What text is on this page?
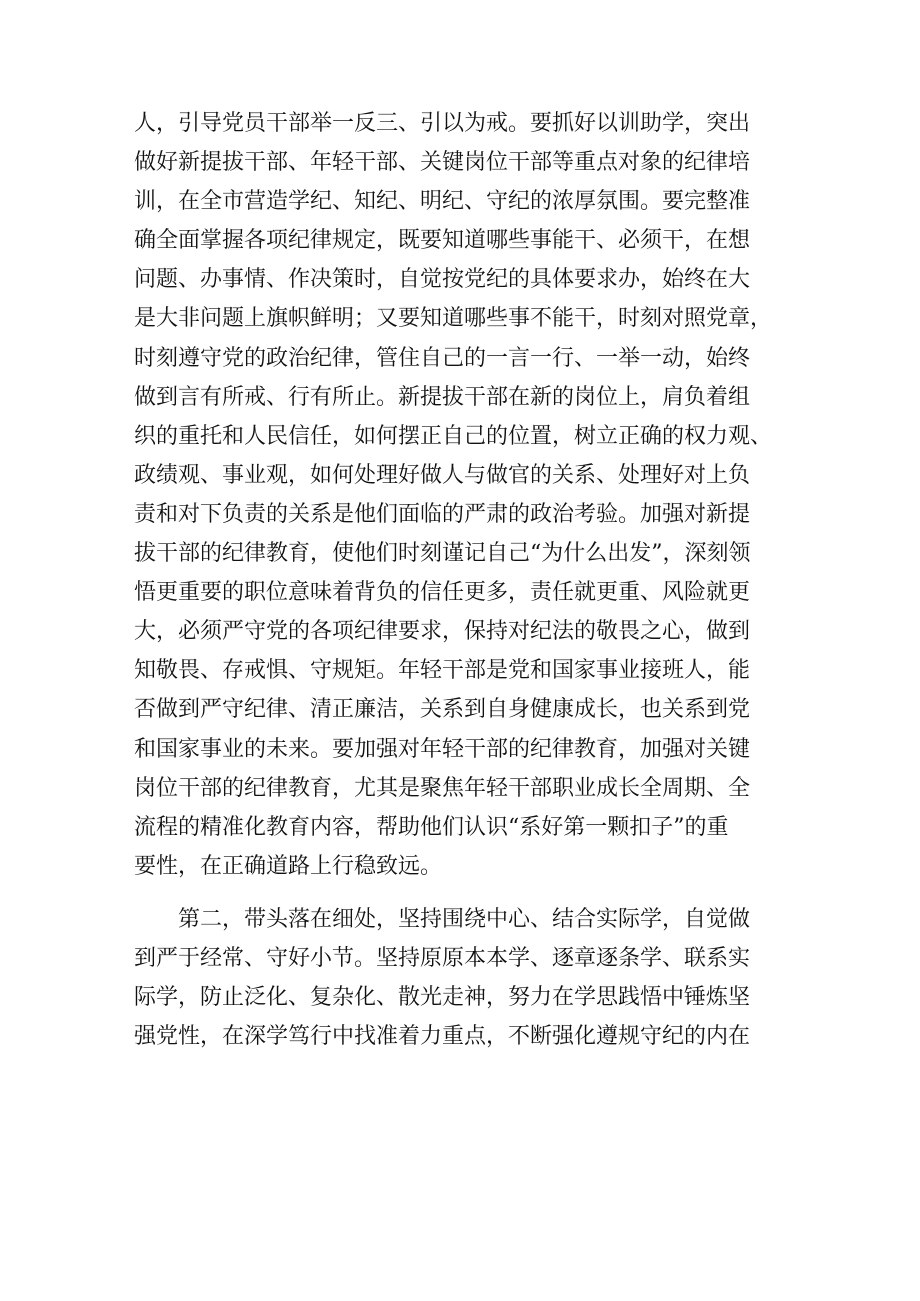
人，引导党员干部举一反三、引以为戒。要抓好以训助学，突出
做好新提拔干部、年轻干部、关键岗位干部等重点对象的纪律培
训，在全市营造学纪、知纪、明纪、守纪的浓厚氛围。要完整准
确全面掌握各项纪律规定，既要知道哪些事能干、必须干，在想
问题、办事情、作决策时，自觉按党纪的具体要求办，始终在大
是大非问题上旗帜鲜明；又要知道哪些事不能干，时刻对照党章，
时刻遵守党的政治纪律，管住自己的一言一行、一举一动，始终
做到言有所戒、行有所止。新提拔干部在新的岗位上，肩负着组
织的重托和人民信任，如何摆正自己的位置，树立正确的权力观、
政绩观、事业观，如何处理好做人与做官的关系、处理好对上负
责和对下负责的关系是他们面临的严肃的政治考验。加强对新提
拔干部的纪律教育，使他们时刻谨记自己“为什么出发”，深刻领
悟更重要的职位意味着背负的信任更多，责任就更重、风险就更
大，必须严守党的各项纪律要求，保持对纪法的敬畏之心，做到
知敬畏、存戒惧、守规矩。年轻干部是党和国家事业接班人，能
否做到严守纪律、清正廉洁，关系到自身健康成长，也关系到党
和国家事业的未来。要加强对年轻干部的纪律教育，加强对关键
岗位干部的纪律教育，尤其是聚焦年轻干部职业成长全周期、全
流程的精准化教育内容，帮助他们认识“系好第一颗扣子”的重
要性，在正确道路上行稳致远。
　　第二，带头落在细处，坚持围绕中心、结合实际学，自觉做
到严于经常、守好小节。坚持原原本本学、逐章逐条学、联系实
际学，防止泛化、复杂化、散光走神，努力在学思践悟中锤炼坚
强党性，在深学笃行中找准着力重点，不断强化遵规守纪的内在
